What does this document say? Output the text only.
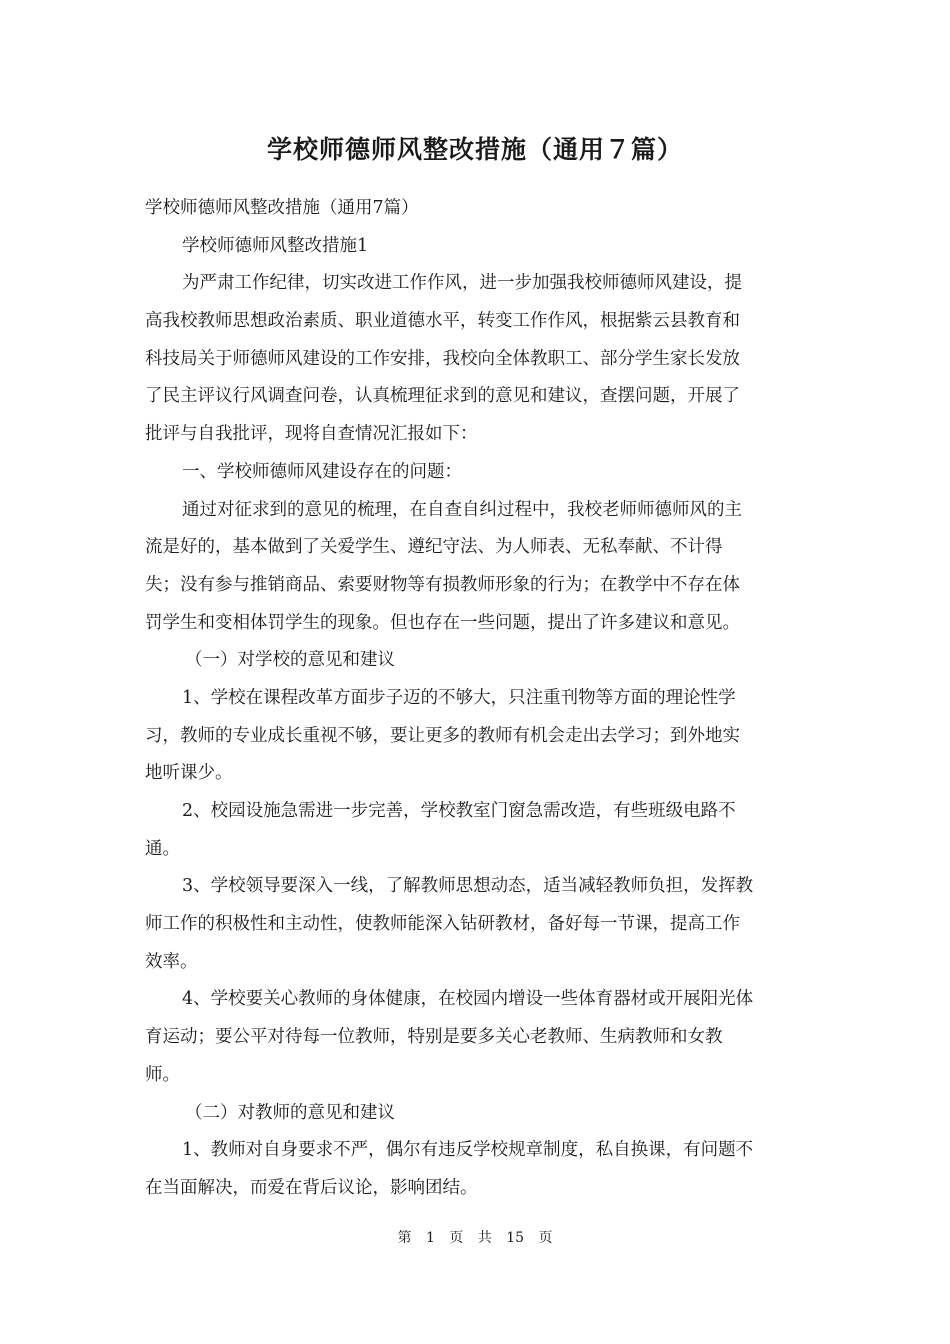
学校师德师风整改措施（通用７篇）
学校师德师风整改措施（通用7篇）
学校师德师风整改措施1
为严肃工作纪律，切实改进工作作风，进一步加强我校师德师风建设，提
高我校教师思想政治素质、职业道德水平，转变工作作风，根据紫云县教育和
科技局关于师德师风建设的工作安排，我校向全体教职工、部分学生家长发放
了民主评议行风调查问卷，认真梳理征求到的意见和建议，查摆问题，开展了
批评与自我批评，现将自查情况汇报如下：
一、学校师德师风建设存在的问题：
通过对征求到的意见的梳理，在自查自纠过程中，我校老师师德师风的主
流是好的，基本做到了关爱学生、遵纪守法、为人师表、无私奉献、不计得
失；没有参与推销商品、索要财物等有损教师形象的行为；在教学中不存在体
罚学生和变相体罚学生的现象。但也存在一些问题，提出了许多建议和意见。
（一）对学校的意见和建议
1、学校在课程改革方面步子迈的不够大，只注重刊物等方面的理论性学
习，教师的专业成长重视不够，要让更多的教师有机会走出去学习；到外地实
地听课少。
2、校园设施急需进一步完善，学校教室门窗急需改造，有些班级电路不
通。
3、学校领导要深入一线，了解教师思想动态，适当减轻教师负担，发挥教
师工作的积极性和主动性，使教师能深入钻研教材，备好每一节课，提高工作
效率。
4、学校要关心教师的身体健康，在校园内增设一些体育器材或开展阳光体
育运动；要公平对待每一位教师，特别是要多关心老教师、生病教师和女教
师。
（二）对教师的意见和建议
1、教师对自身要求不严，偶尔有违反学校规章制度，私自换课，有问题不
在当面解决，而爱在背后议论，影响团结。
第 1 页 共 15 页
